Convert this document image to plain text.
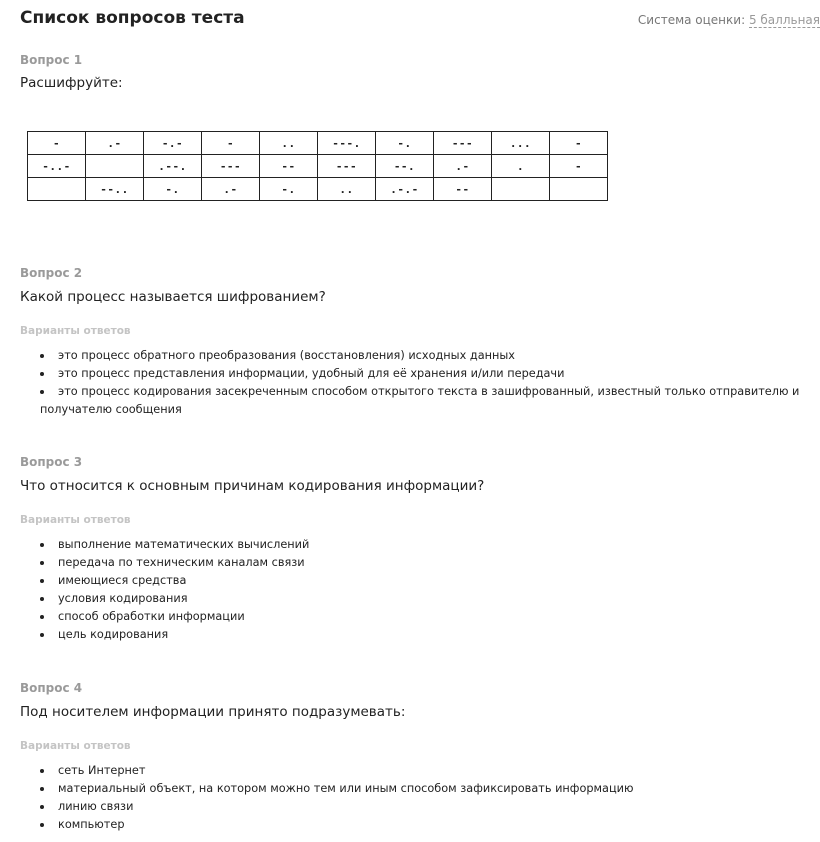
Список вопросов теста	Система оценки: 5 балльная
Вопрос 1
Расшифруйте:
-	.-	-.-	-	..	---.	-.	---	...	-
-..-		.--.	---	--	---	--.	.-	.	-
	--..	-.	.-	-.	..	.-.-	--		
Вопрос 2
Какой процесс называется шифрованием?
Варианты ответов
это процесс обратного преобразования (восстановления) исходных данных
это процесс представления информации, удобный для её хранения и/или передачи
это процесс кодирования засекреченным способом открытого текста в зашифрованный, известный только отправителю и получателю сообщения
Вопрос 3
Что относится к основным причинам кодирования информации?
Варианты ответов
выполнение математических вычислений
передача по техническим каналам связи
имеющиеся средства
условия кодирования
способ обработки информации
цель кодирования
Вопрос 4
Под носителем информации принято подразумевать:
Варианты ответов
сеть Интернет
материальный объект, на котором можно тем или иным способом зафиксировать информацию
линию связи
компьютер
